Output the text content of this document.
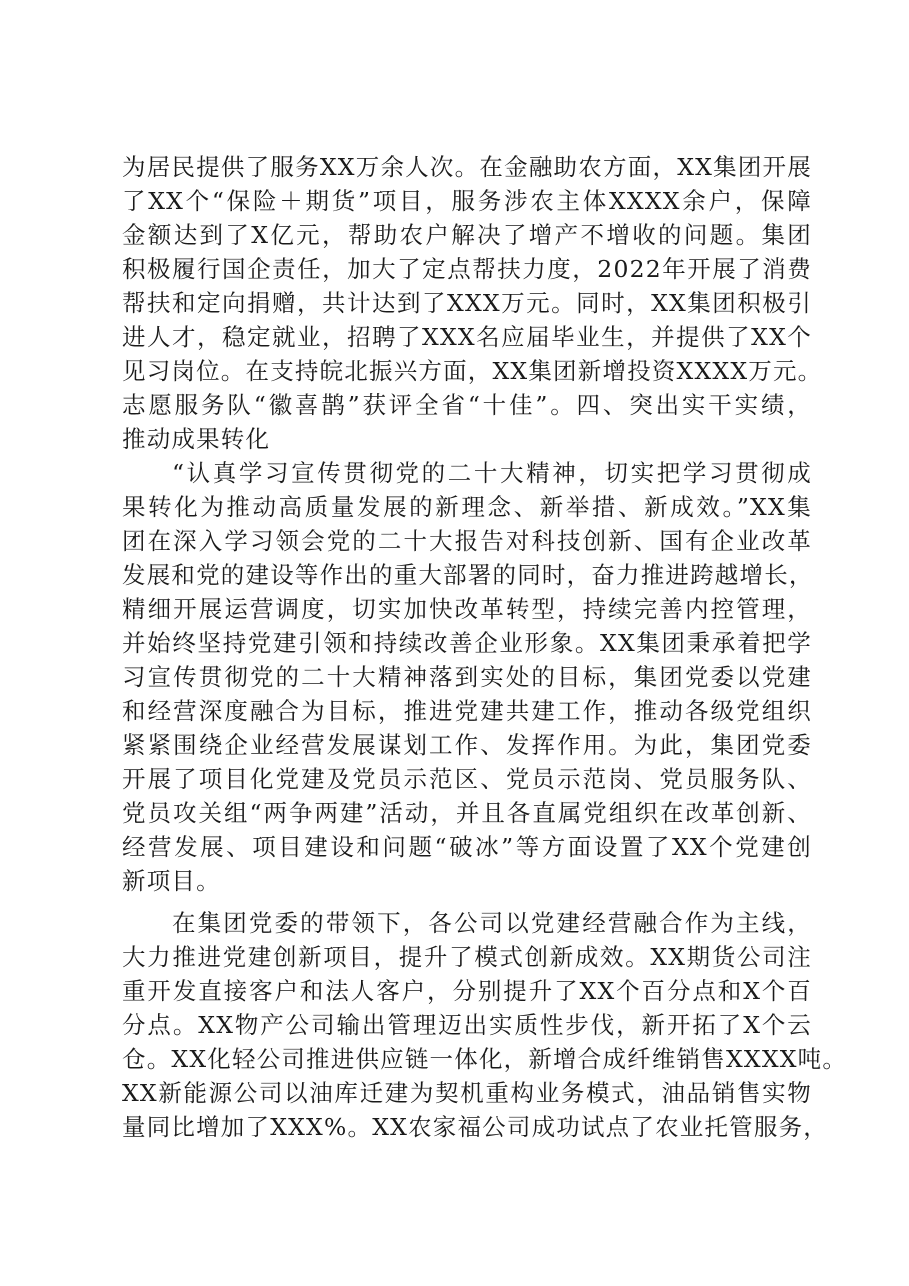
为居民提供了服务XX万余人次。在金融助农方面，XX集团开展
了XX个“保险＋期货”项目，服务涉农主体XXXX余户，保障
金额达到了X亿元，帮助农户解决了增产不增收的问题。集团
积极履行国企责任，加大了定点帮扶力度，2022年开展了消费
帮扶和定向捐赠，共计达到了XXX万元。同时，XX集团积极引
进人才，稳定就业，招聘了XXX名应届毕业生，并提供了XX个
见习岗位。在支持皖北振兴方面，XX集团新增投资XXXX万元。
志愿服务队“徽喜鹊”获评全省“十佳”。四、突出实干实绩，
推动成果转化
“认真学习宣传贯彻党的二十大精神，切实把学习贯彻成
果转化为推动高质量发展的新理念、新举措、新成效。”XX集
团在深入学习领会党的二十大报告对科技创新、国有企业改革
发展和党的建设等作出的重大部署的同时，奋力推进跨越增长，
精细开展运营调度，切实加快改革转型，持续完善内控管理，
并始终坚持党建引领和持续改善企业形象。XX集团秉承着把学
习宣传贯彻党的二十大精神落到实处的目标，集团党委以党建
和经营深度融合为目标，推进党建共建工作，推动各级党组织
紧紧围绕企业经营发展谋划工作、发挥作用。为此，集团党委
开展了项目化党建及党员示范区、党员示范岗、党员服务队、
党员攻关组“两争两建”活动，并且各直属党组织在改革创新、
经营发展、项目建设和问题“破冰”等方面设置了XX个党建创
新项目。
在集团党委的带领下，各公司以党建经营融合作为主线，
大力推进党建创新项目，提升了模式创新成效。XX期货公司注
重开发直接客户和法人客户，分别提升了XX个百分点和X个百
分点。XX物产公司输出管理迈出实质性步伐，新开拓了X个云
仓。XX化轻公司推进供应链一体化，新增合成纤维销售XXXX吨。
XX新能源公司以油库迁建为契机重构业务模式，油品销售实物
量同比增加了XXX%。XX农家福公司成功试点了农业托管服务，
